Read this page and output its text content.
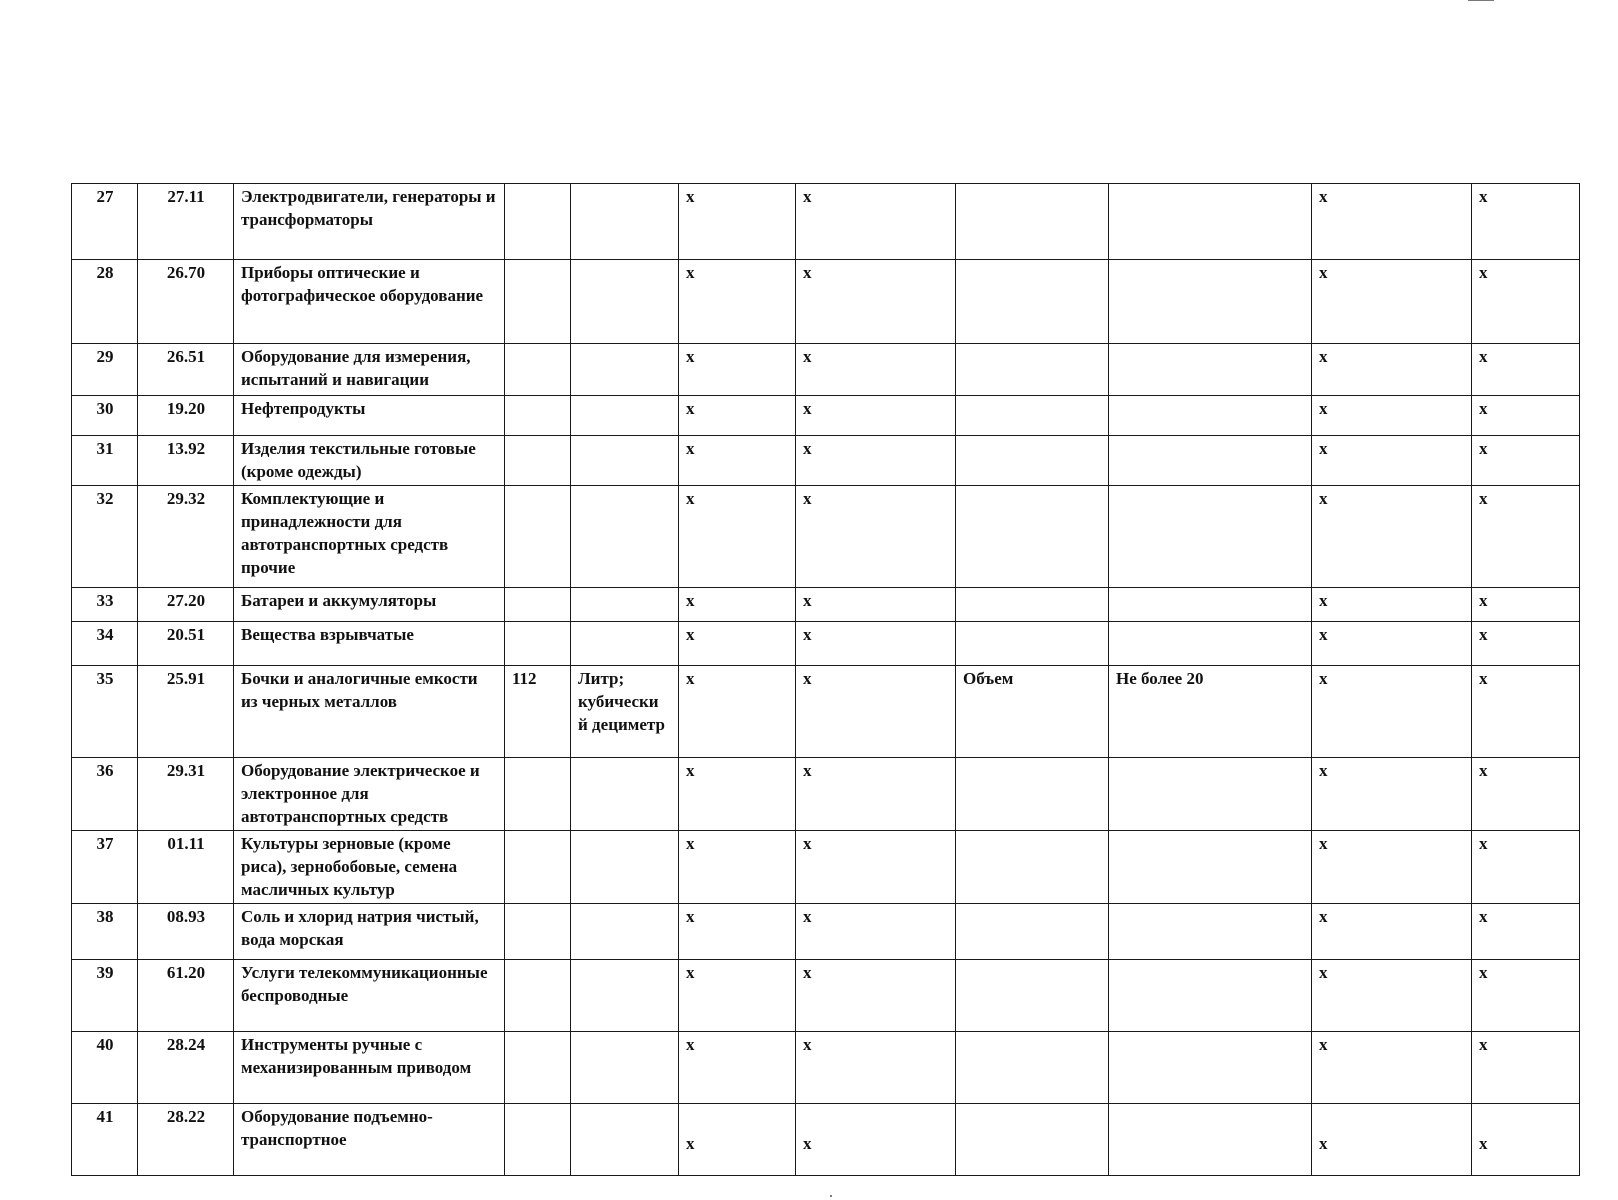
27	27.11	Электродвигатели, генераторы и трансформаторы			x	x			x	x
28	26.70	Приборы оптические и фотографическое оборудование			x	x			x	x
29	26.51	Оборудование для измерения, испытаний и навигации			x	x			x	x
30	19.20	Нефтепродукты			x	x			x	x
31	13.92	Изделия текстильные готовые (кроме одежды)			x	x			x	x
32	29.32	Комплектующие и принадлежности для автотранспортных средств прочие			x	x			x	x
33	27.20	Батареи и аккумуляторы			x	x			x	x
34	20.51	Вещества взрывчатые			x	x			x	x
35	25.91	Бочки и аналогичные емкости из черных металлов	112	Литр; кубически й дециметр	x	x	Объем	Не более 20	x	x
36	29.31	Оборудование электрическое и электронное для автотранспортных средств			x	x			x	x
37	01.11	Культуры зерновые (кроме риса), зернобобовые, семена масличных культур			x	x			x	x
38	08.93	Соль и хлорид натрия чистый, вода морская			x	x			x	x
39	61.20	Услуги телекоммуникационные беспроводные			x	x			x	x
40	28.24	Инструменты ручные с механизированным приводом			x	x			x	x
41	28.22	Оборудование подъемно-транспортное			x	x			x	x
